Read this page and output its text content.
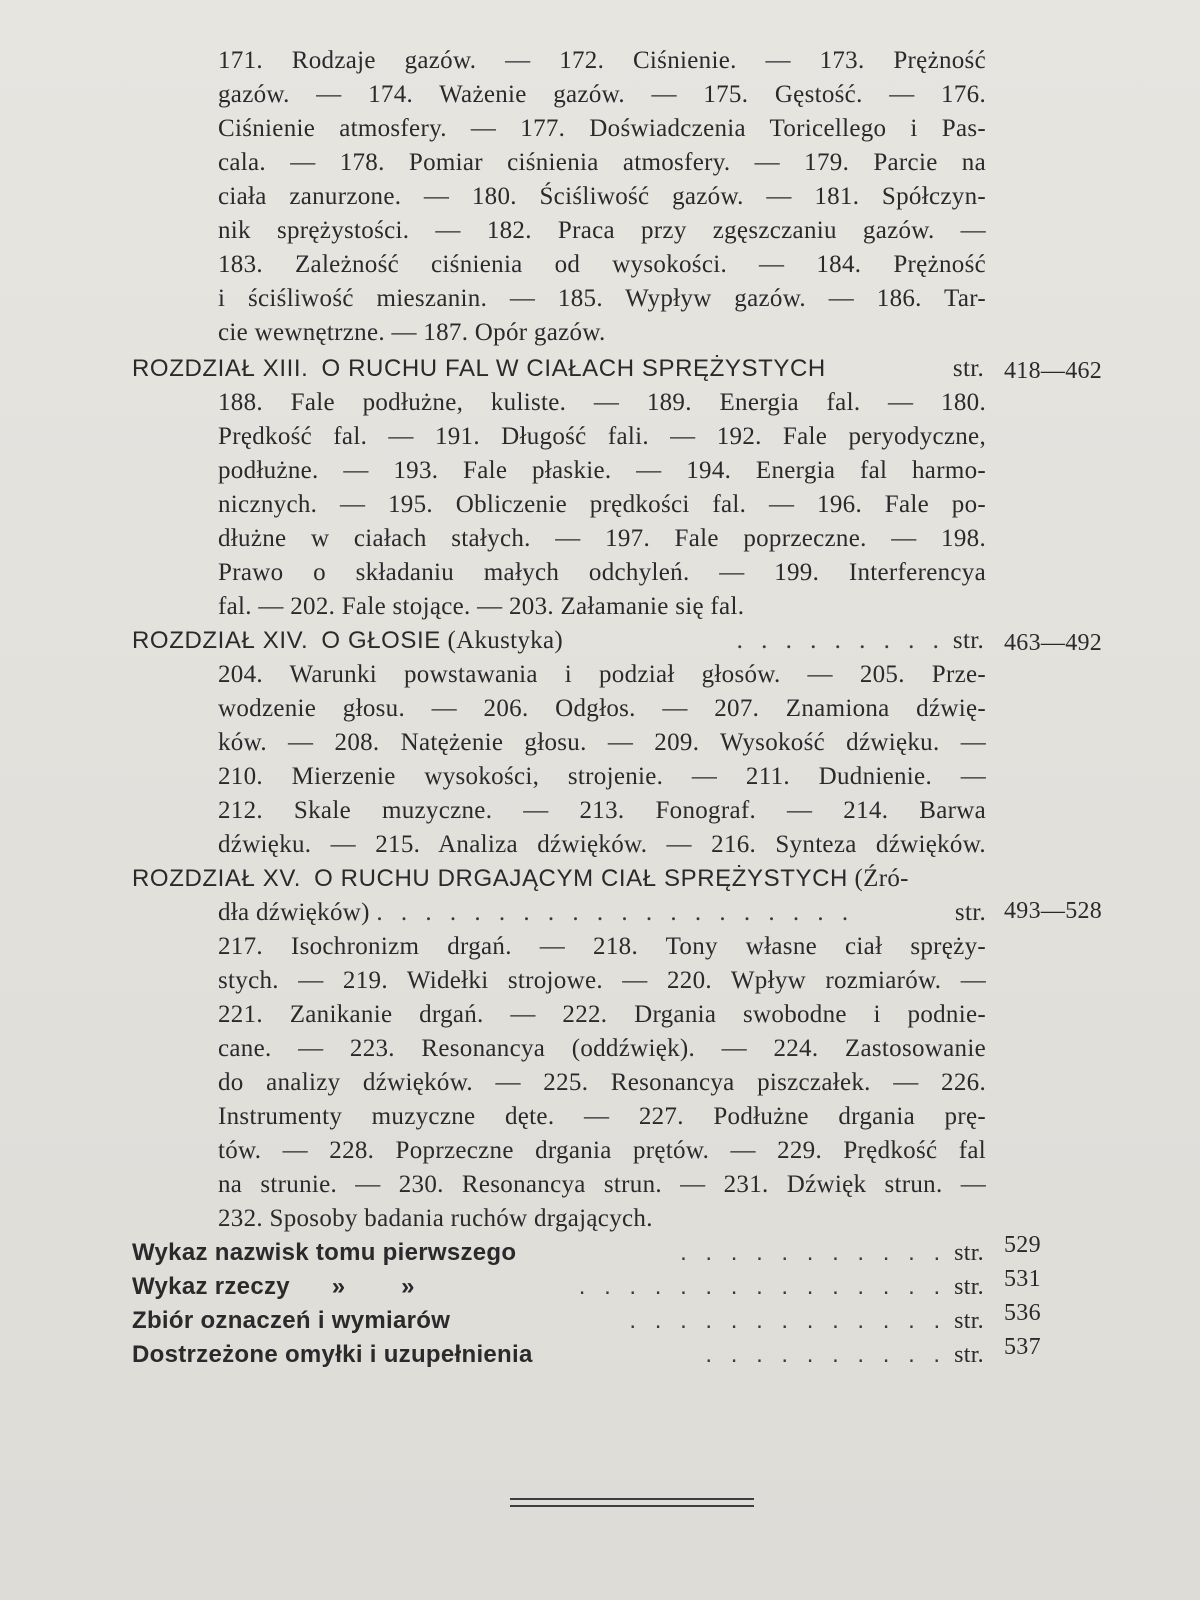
171. Rodzaje gazów. — 172. Ciśnienie. — 173. Prężność
gazów. — 174. Ważenie gazów. — 175. Gęstość. — 176.
Ciśnienie atmosfery. — 177. Doświadczenia Toricellego i Pas-
cala. — 178. Pomiar ciśnienia atmosfery. — 179. Parcie na
ciała zanurzone. — 180. Ściśliwość gazów. — 181. Spółczyn-
nik sprężystości. — 182. Praca przy zgęszczaniu gazów. —
183. Zależność ciśnienia od wysokości. — 184. Prężność
i ściśliwość mieszanin. — 185. Wypływ gazów. — 186. Tar-
cie wewnętrzne. — 187. Opór gazów.
ROZDZIAŁ XIII.
O RUCHU FAL W CIAŁACH SPRĘŻYSTYCH	str. 418—462
188. Fale podłużne, kuliste. — 189. Energia fal. — 180.
Prędkość fal. — 191. Długość fali. — 192. Fale peryodyczne,
podłużne. — 193. Fale płaskie. — 194. Energia fal harmo-
nicznych. — 195. Obliczenie prędkości fal. — 196. Fale po-
dłużne w ciałach stałych. — 197. Fale poprzeczne. — 198.
Prawo o składaniu małych odchyleń. — 199. Interferencya
fal. — 202. Fale stojące. — 203. Załamanie się fal.
ROZDZIAŁ XIV.
O GŁOSIE
(Akustyka)	. . . . . . . . . str. 463—492
204. Warunki powstawania i podział głosów. — 205. Prze-
wodzenie głosu. — 206. Odgłos. — 207. Znamiona dźwię-
ków. — 208. Natężenie głosu. — 209. Wysokość dźwięku. —
210. Mierzenie wysokości, strojenie. — 211. Dudnienie. —
212. Skale muzyczne. — 213. Fonograf. — 214. Barwa
dźwięku. — 215. Analiza dźwięków. — 216. Synteza dźwięków.
ROZDZIAŁ XV.
O RUCHU DRGAJĄCYM CIAŁ SPRĘŻYSTYCH
(Źró-
dła dźwięków)
. . . . . . . . . . . . . . . . . . . .	str. 493—528
217. Isochronizm drgań. — 218. Tony własne ciał spręży-
stych. — 219. Widełki strojowe. — 220. Wpływ rozmiarów. —
221. Zanikanie drgań. — 222. Drgania swobodne i podnie-
cane. — 223. Resonancya (oddźwięk). — 224. Zastosowanie
do analizy dźwięków. — 225. Resonancya piszczałek. — 226.
Instrumenty muzyczne dęte. — 227. Podłużne drgania prę-
tów. — 228. Poprzeczne drgania prętów. — 229. Prędkość fal
na strunie. — 230. Resonancya strun. — 231. Dźwięk strun. —
232. Sposoby badania ruchów drgających.
Wykaz nazwisk tomu pierwszego
	. . . . . . . . . . . str. 529
Wykaz rzeczy      »        »
	. . . . . . . . . . . . . . . str. 531
Zbiór oznaczeń i wymiarów
	. . . . . . . . . . . . . str. 536
Dostrzeżone omyłki i uzupełnienia
	. . . . . . . . . . str. 537
